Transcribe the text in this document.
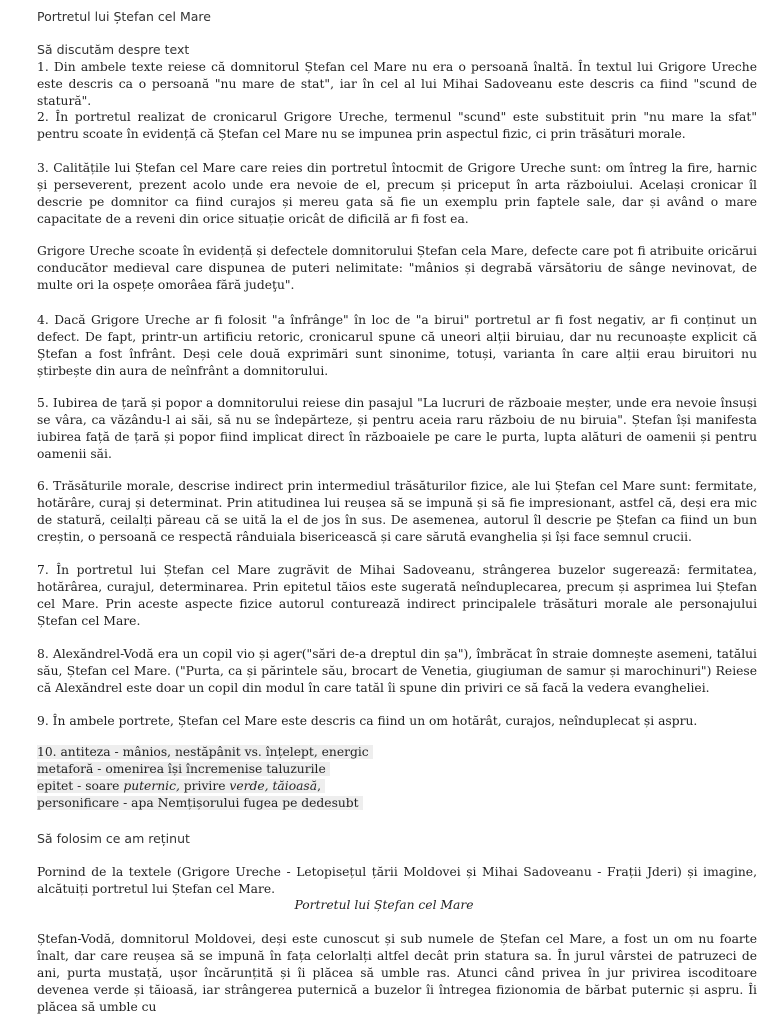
Portretul lui Ștefan cel Mare
Să discutăm despre text

1. Din ambele texte reiese că domnitorul Ștefan cel Mare nu era o persoană înaltă. În textul lui Grigore Ureche este descris ca o persoană "nu mare de stat", iar în cel al lui Mihai Sadoveanu este descris ca fiind "scund de statură".

2. În portretul realizat de cronicarul Grigore Ureche, termenul "scund" este substituit prin "nu mare la sfat" pentru scoate în evidență că Ștefan cel Mare nu se impunea prin aspectul fizic, ci prin trăsături morale.

3. Calitățile lui Ștefan cel Mare care reies din portretul întocmit de Grigore Ureche sunt: om întreg la fire, harnic și perseverent, prezent acolo unde era nevoie de el, precum și priceput în arta războiului. Același cronicar îl descrie pe domnitor ca fiind curajos și mereu gata să fie un exemplu prin faptele sale, dar și având o mare capacitate de a reveni din orice situație oricât de dificilă ar fi fost ea.

Grigore Ureche scoate în evidență și defectele domnitorului Ștefan cela Mare, defecte care pot fi atribuite oricărui conducător medieval care dispunea de puteri nelimitate: "mânios și degrabă vărsătoriu de sânge nevinovat, de multe ori la ospețe omorâea fără judeţu".

4. Dacă Grigore Ureche ar fi folosit "a înfrânge" în loc de "a birui" portretul ar fi fost negativ, ar fi conținut un defect. De fapt, printr-un artificiu retoric, cronicarul spune că uneori alții biruiau, dar nu recunoaște explicit că Ștefan a fost înfrânt. Deși cele două exprimări sunt sinonime, totuși, varianta în care alții erau biruitori nu știrbește din aura de neînfrânt a domnitorului.

5. Iubirea de țară și popor a domnitorului reiese din pasajul "La lucruri de războaie meșter, unde era nevoie însuși se vâra, ca văzându-l ai săi, să nu se îndepărteze, și pentru aceia raru războiu de nu biruia". Ștefan își manifesta iubirea față de țară și popor fiind implicat direct în războaiele pe care le purta, lupta alături de oamenii și pentru oamenii săi.

6. Trăsăturile morale, descrise indirect prin intermediul trăsăturilor fizice, ale lui Ștefan cel Mare sunt: fermitate, hotărâre, curaj și determinat. Prin atitudinea lui reușea să se impună și să fie impresionant, astfel că, deși era mic de statură, ceilalți păreau că se uită la el de jos în sus. De asemenea, autorul îl descrie pe Ștefan ca fiind un bun creștin, o persoană ce respectă rânduiala bisericească și care sărută evanghelia și își face semnul crucii.

7. În portretul lui Ștefan cel Mare zugrăvit de Mihai Sadoveanu, strângerea buzelor sugerează: fermitatea, hotărârea, curajul, determinarea. Prin epitetul tăios este sugerată neînduplecarea, precum și asprimea lui Ștefan cel Mare. Prin aceste aspecte fizice autorul conturează indirect principalele trăsături morale ale personajului Ștefan cel Mare.

8. Alexăndrel-Vodă era un copil vio și ager("sări de-a dreptul din șa"), îmbrăcat în straie domnește asemeni, tatălui său, Ștefan cel Mare. ("Purta, ca și părintele său, brocart de Venetia, giugiuman de samur și marochinuri") Reiese că Alexăndrel este doar un copil din modul în care tatăl îi spune din priviri ce să facă la vedera evangheliei.

9. În ambele portrete, Ștefan cel Mare este descris ca fiind un om hotărât, curajos, neînduplecat și aspru.

10. antiteza - mânios, nestăpânit vs. înțelept, energic
metaforă - omenirea își încremenise taluzurile
epitet - soare puternic, privire verde, tăioasă,
personificare - apa Nemțișorului fugea pe dedesubt
Să folosim ce am reținut

Pornind de la textele (Grigore Ureche - Letopisețul țării Moldovei și Mihai Sadoveanu - Frații Jderi) și imagine, alcătuiți portretul lui Ștefan cel Mare.

Portretul lui Ștefan cel Mare

Ștefan-Vodă, domnitorul Moldovei, deși este cunoscut și sub numele de Ștefan cel Mare, a fost un om nu foarte înalt, dar care reușea să se impună în fața celorlalți altfel decât prin statura sa. În jurul vârstei de patruzeci de ani, purta mustață, ușor încărunțită și îi plăcea să umble ras. Atunci când privea în jur privirea iscoditoare devenea verde și tăioasă, iar strângerea puternică a buzelor îi întregea fizionomia de bărbat puternic și aspru. Îi plăcea să umble cu
